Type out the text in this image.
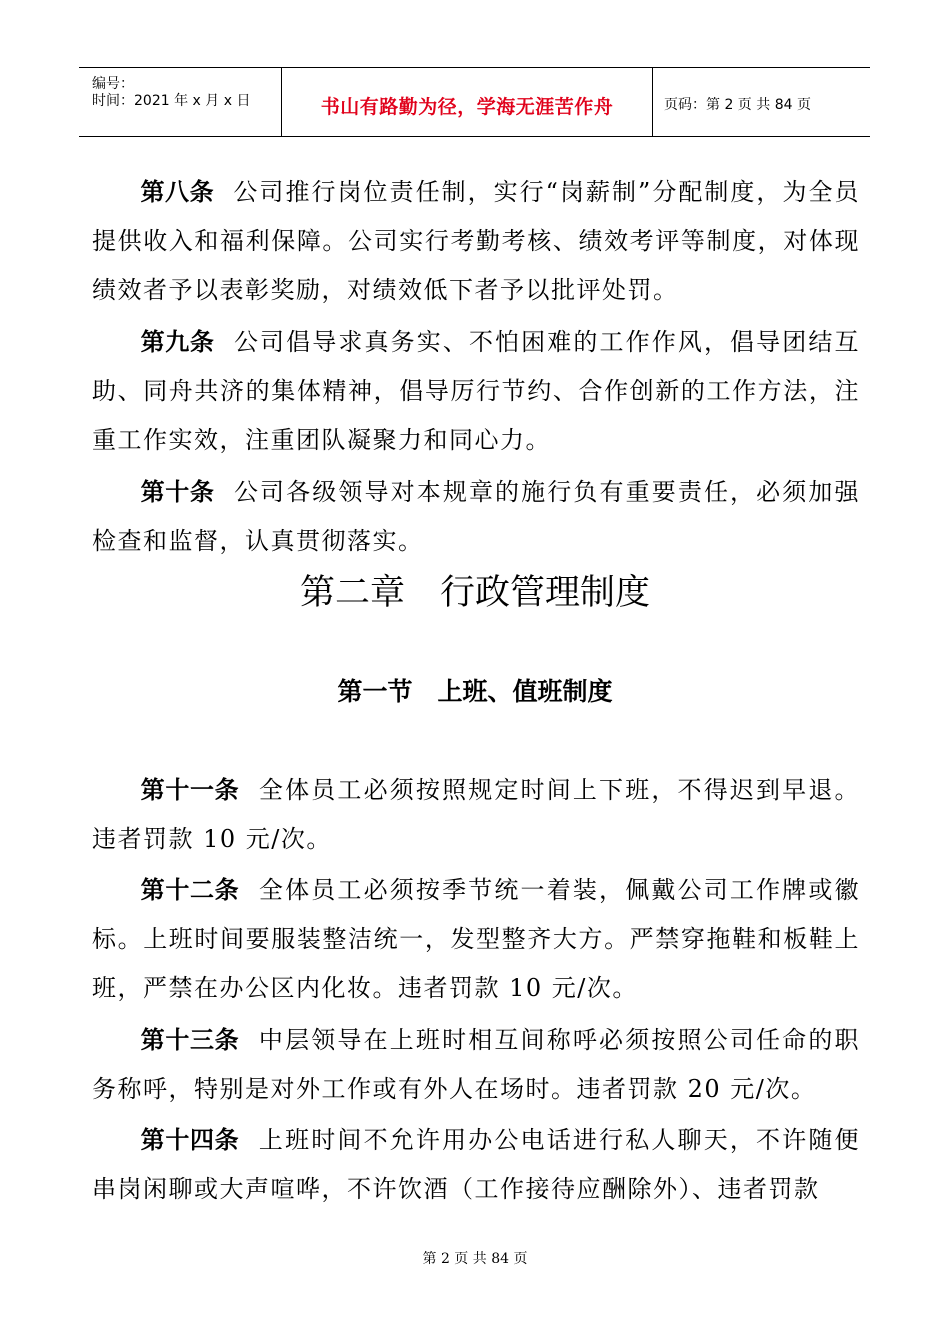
编号：
时间：2021 年 x 月 x 日	书山有路勤为径，学海无涯苦作舟	页码：第 2 页 共 84 页

第八条 公司推行岗位责任制，实行“岗薪制”分配制度，为全员提供收入和福利保障。公司实行考勤考核、绩效考评等制度，对体现绩效者予以表彰奖励，对绩效低下者予以批评处罚。

第九条 公司倡导求真务实、不怕困难的工作作风，倡导团结互助、同舟共济的集体精神，倡导厉行节约、合作创新的工作方法，注重工作实效，注重团队凝聚力和同心力。

第十条 公司各级领导对本规章的施行负有重要责任，必须加强检查和监督，认真贯彻落实。

第二章　行政管理制度
第一节　上班、值班制度

第十一条 全体员工必须按照规定时间上下班，不得迟到早退。违者罚款 10 元/次。

第十二条 全体员工必须按季节统一着装，佩戴公司工作牌或徽标。上班时间要服装整洁统一，发型整齐大方。严禁穿拖鞋和板鞋上班，严禁在办公区内化妆。违者罚款 10 元/次。

第十三条 中层领导在上班时相互间称呼必须按照公司任命的职务称呼，特别是对外工作或有外人在场时。违者罚款 20 元/次。

第十四条 上班时间不允许用办公电话进行私人聊天，不许随便串岗闲聊或大声喧哗，不许饮酒（工作接待应酬除外）、违者罚款

第 2 页 共 84 页
